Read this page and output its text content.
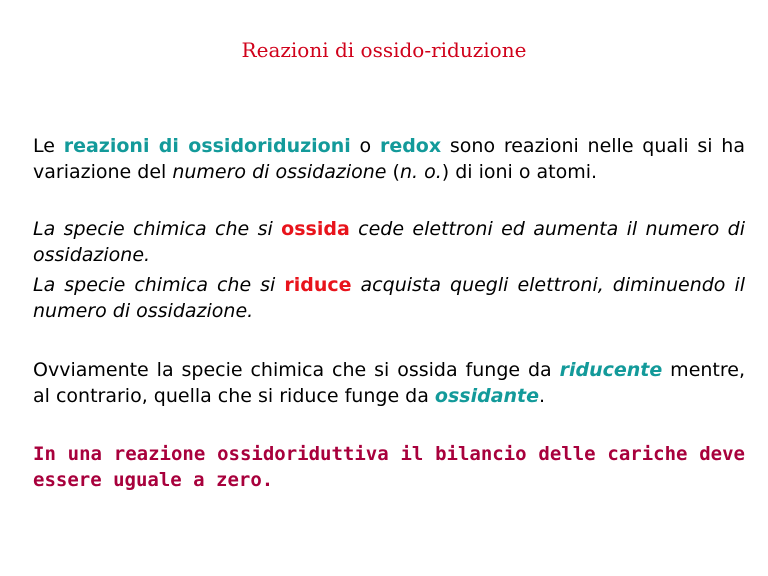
Reazioni di ossido-riduzione

Le reazioni di ossidoriduzioni o redox sono reazioni nelle quali si ha variazione del numero di ossidazione (n. o.) di ioni o atomi.

La specie chimica che si ossida cede elettroni ed aumenta il numero di ossidazione.

La specie chimica che si riduce acquista quegli elettroni, diminuendo il numero di ossidazione.

Ovviamente la specie chimica che si ossida funge da riducente mentre, al contrario, quella che si riduce funge da ossidante.

In una reazione ossidoriduttiva il bilancio delle cariche deve essere uguale a zero.
